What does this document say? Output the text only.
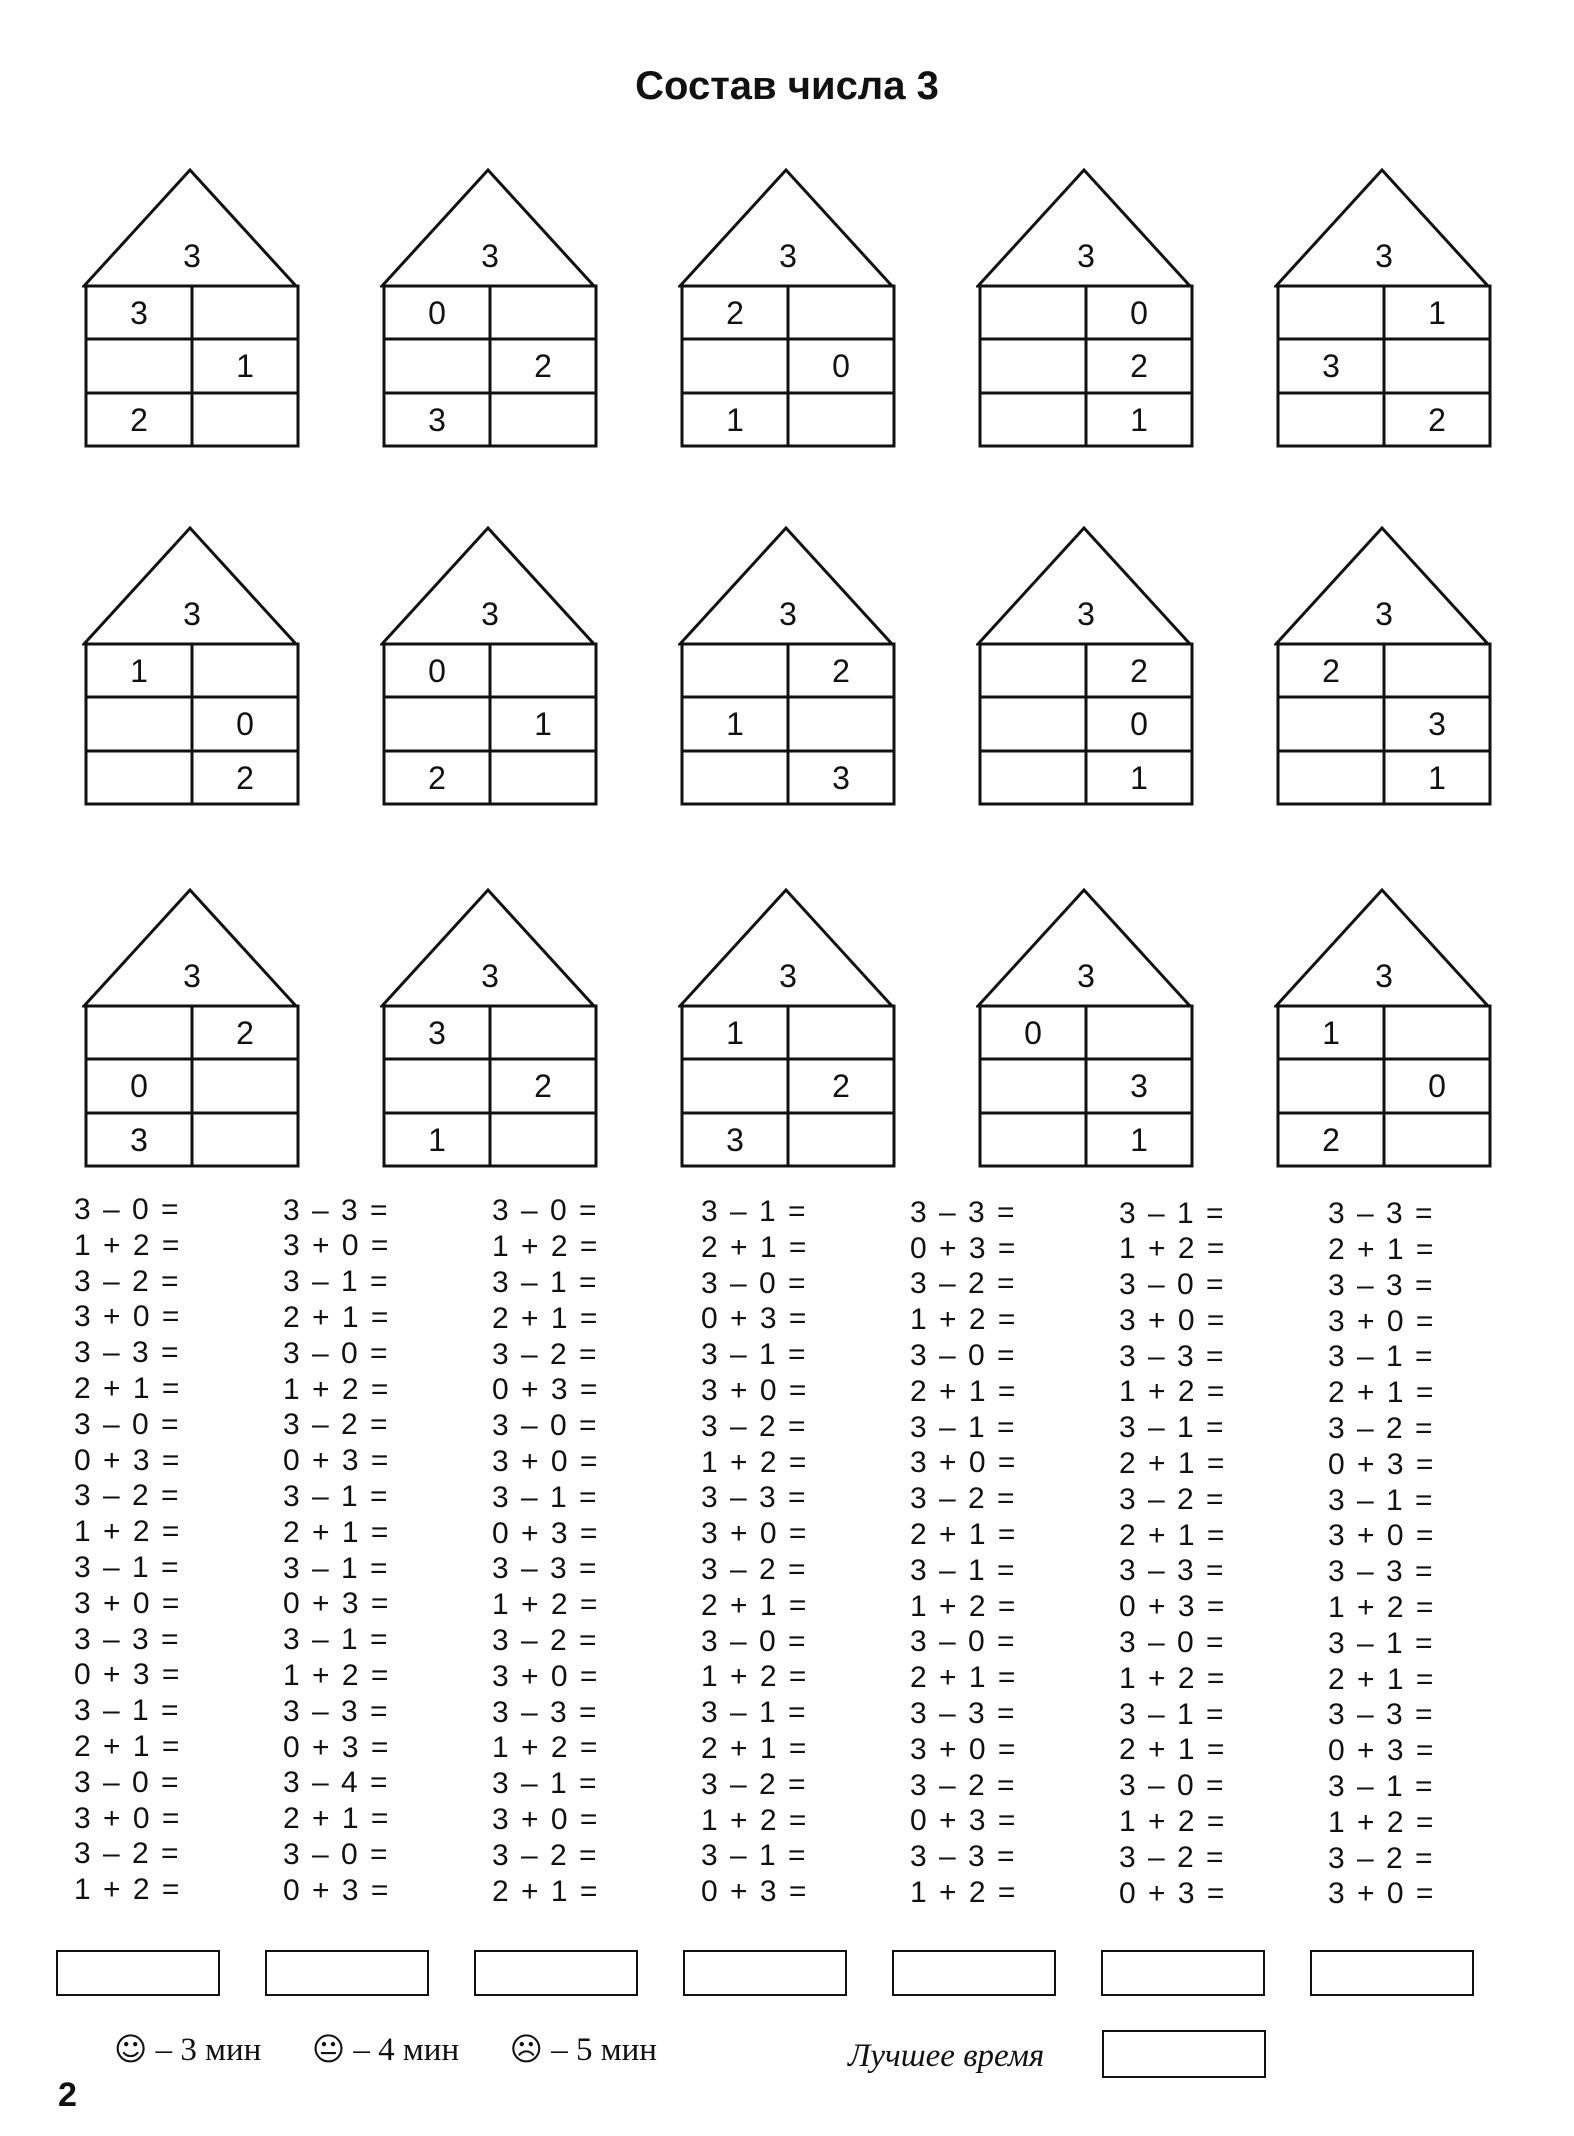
Состав числа 3
3
3
1
2
3
0
2
3
3
2
0
1
3
0
2
1
3
1
3
2
3
1
0
2
3
0
1
2
3
2
1
3
3
2
0
1
3
2
3
1
3
2
0
3
3
3
2
1
3
1
2
3
3
0
3
1
3
1
0
2
3 – 0 =
1 + 2 =
3 – 2 =
3 + 0 =
3 – 3 =
2 + 1 =
3 – 0 =
0 + 3 =
3 – 2 =
1 + 2 =
3 – 1 =
3 + 0 =
3 – 3 =
0 + 3 =
3 – 1 =
2 + 1 =
3 – 0 =
3 + 0 =
3 – 2 =
1 + 2 =
3 – 3 =
3 + 0 =
3 – 1 =
2 + 1 =
3 – 0 =
1 + 2 =
3 – 2 =
0 + 3 =
3 – 1 =
2 + 1 =
3 – 1 =
0 + 3 =
3 – 1 =
1 + 2 =
3 – 3 =
0 + 3 =
3 – 4 =
2 + 1 =
3 – 0 =
0 + 3 =
3 – 0 =
1 + 2 =
3 – 1 =
2 + 1 =
3 – 2 =
0 + 3 =
3 – 0 =
3 + 0 =
3 – 1 =
0 + 3 =
3 – 3 =
1 + 2 =
3 – 2 =
3 + 0 =
3 – 3 =
1 + 2 =
3 – 1 =
3 + 0 =
3 – 2 =
2 + 1 =
3 – 1 =
2 + 1 =
3 – 0 =
0 + 3 =
3 – 1 =
3 + 0 =
3 – 2 =
1 + 2 =
3 – 3 =
3 + 0 =
3 – 2 =
2 + 1 =
3 – 0 =
1 + 2 =
3 – 1 =
2 + 1 =
3 – 2 =
1 + 2 =
3 – 1 =
0 + 3 =
3 – 3 =
0 + 3 =
3 – 2 =
1 + 2 =
3 – 0 =
2 + 1 =
3 – 1 =
3 + 0 =
3 – 2 =
2 + 1 =
3 – 1 =
1 + 2 =
3 – 0 =
2 + 1 =
3 – 3 =
3 + 0 =
3 – 2 =
0 + 3 =
3 – 3 =
1 + 2 =
3 – 1 =
1 + 2 =
3 – 0 =
3 + 0 =
3 – 3 =
1 + 2 =
3 – 1 =
2 + 1 =
3 – 2 =
2 + 1 =
3 – 3 =
0 + 3 =
3 – 0 =
1 + 2 =
3 – 1 =
2 + 1 =
3 – 0 =
1 + 2 =
3 – 2 =
0 + 3 =
3 – 3 =
2 + 1 =
3 – 3 =
3 + 0 =
3 – 1 =
2 + 1 =
3 – 2 =
0 + 3 =
3 – 1 =
3 + 0 =
3 – 3 =
1 + 2 =
3 – 1 =
2 + 1 =
3 – 3 =
0 + 3 =
3 – 1 =
1 + 2 =
3 – 2 =
3 + 0 =
☺ – 3 мин 😐 – 4 мин ☹ – 5 мин	Лучшее время
2
